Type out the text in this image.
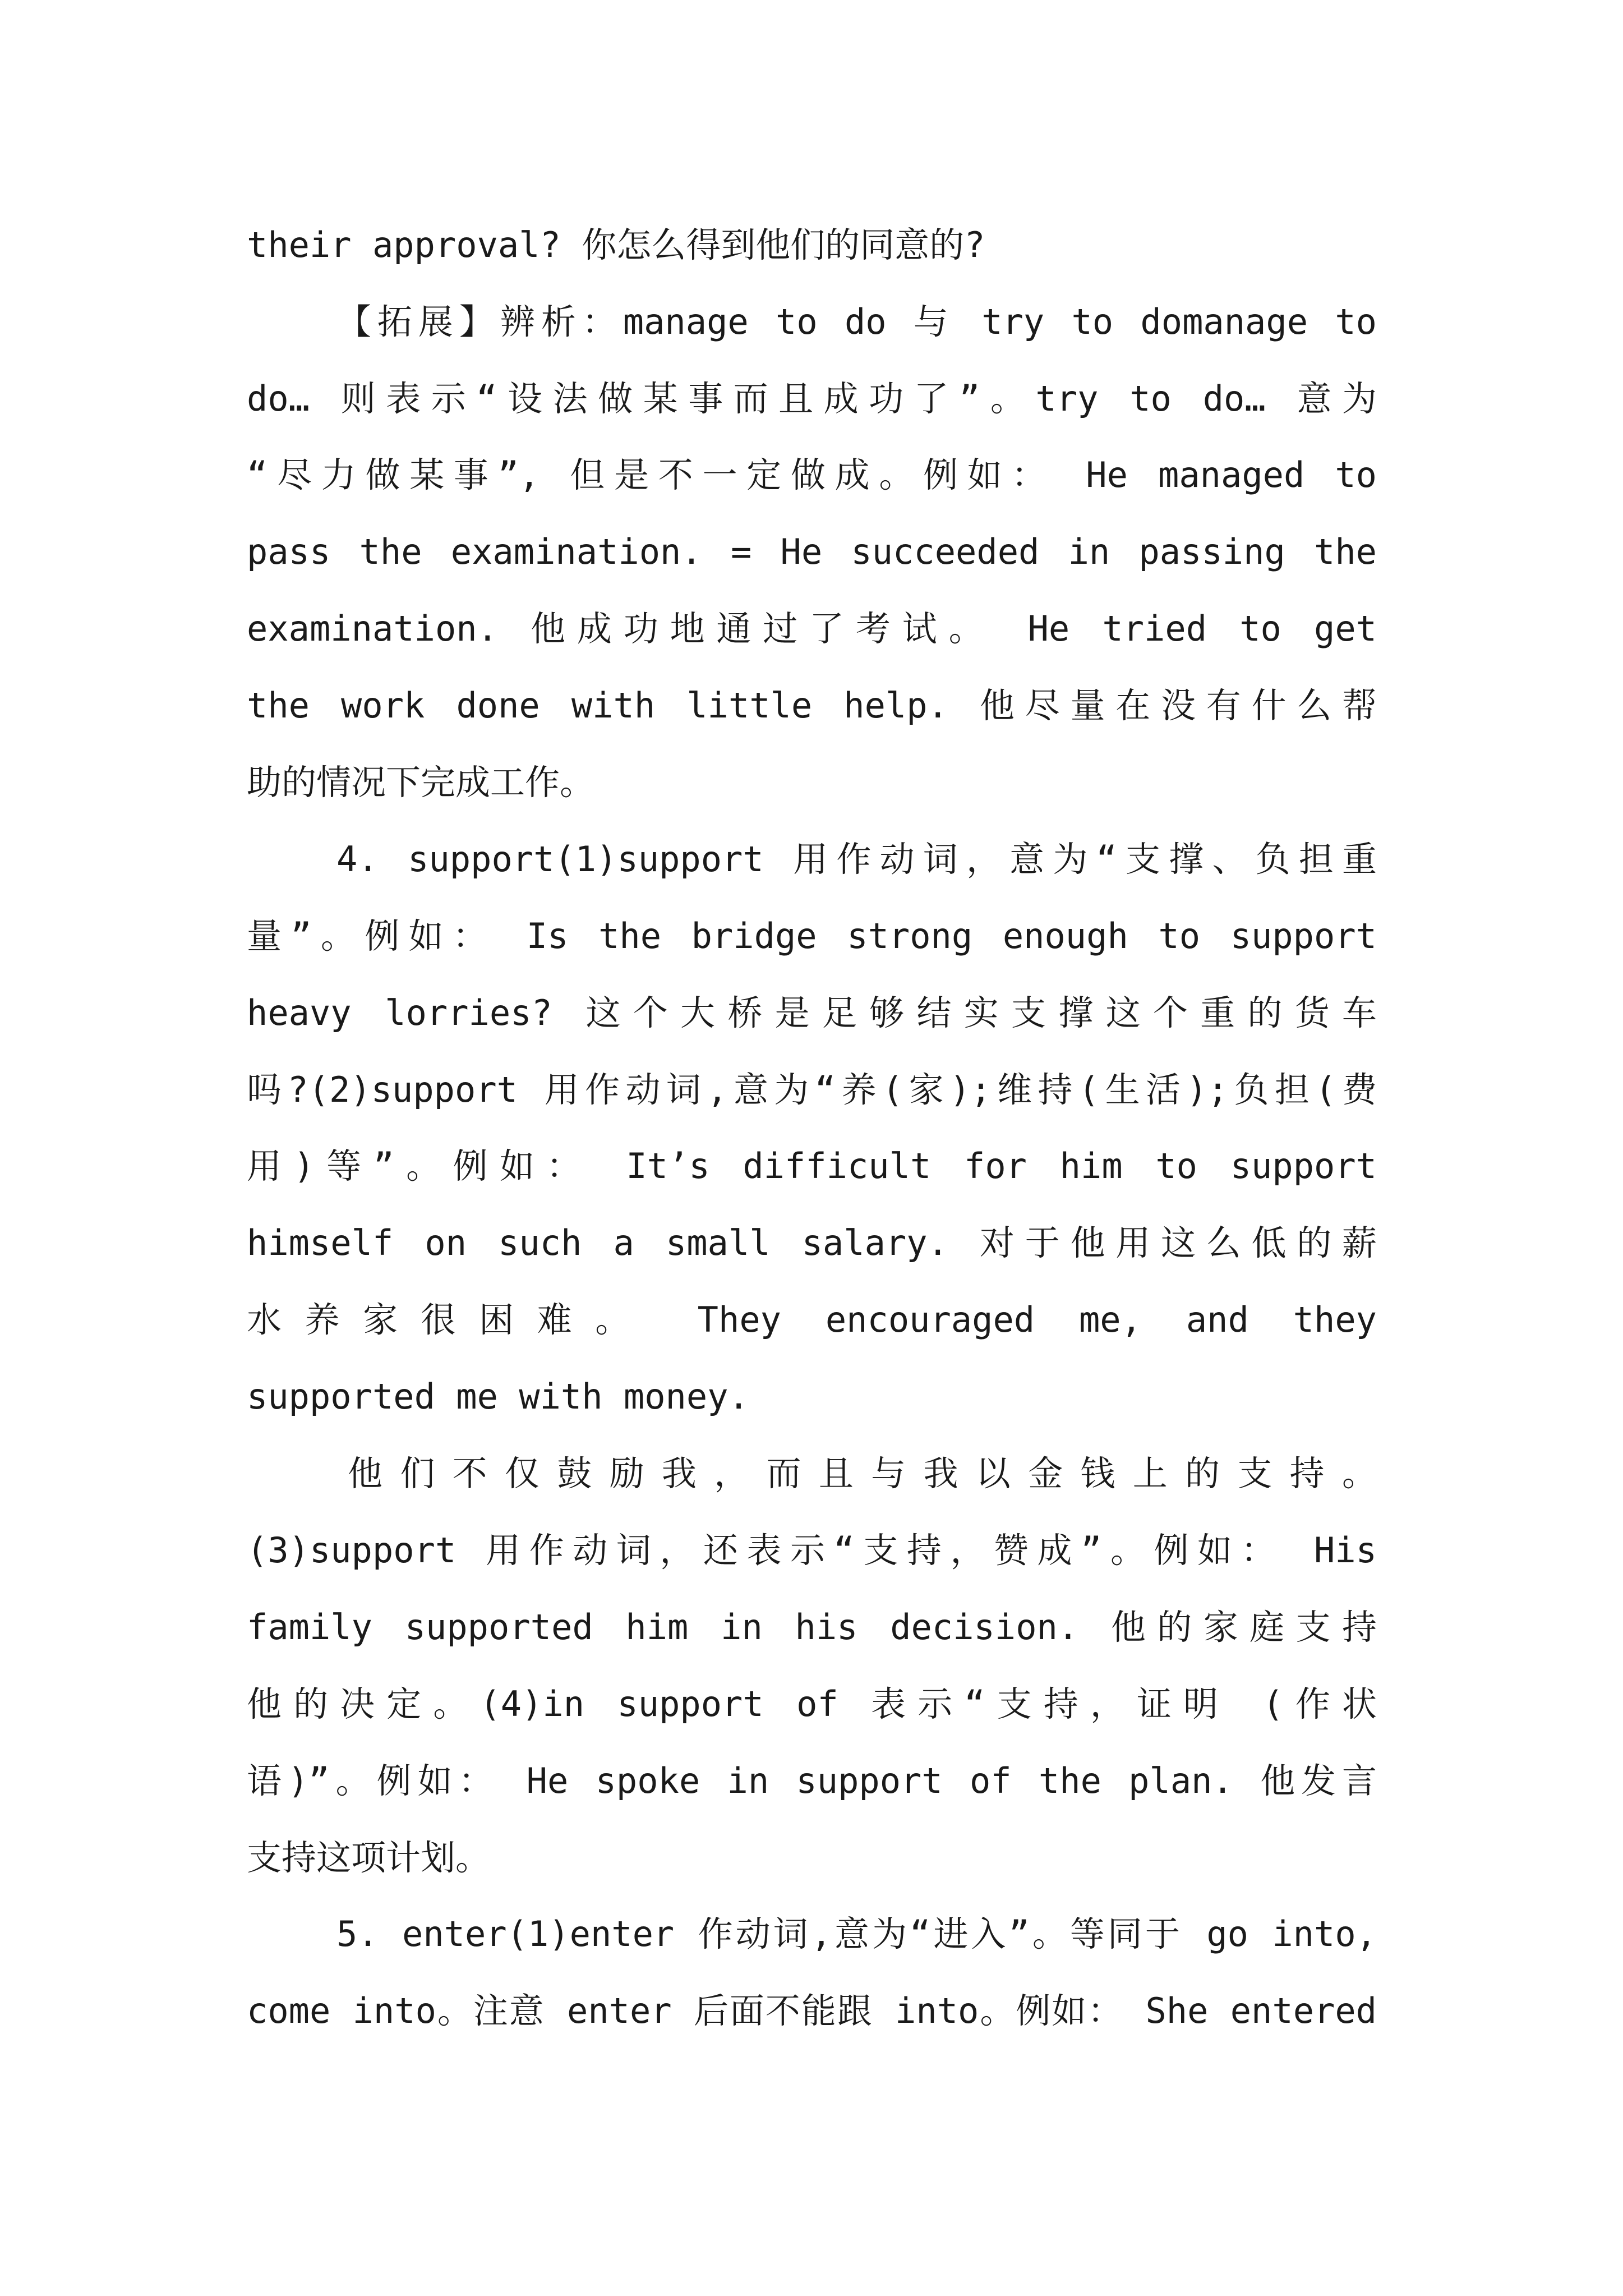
their approval? 你怎么得到他们的同意的?
【拓展】辨析：manage to do 与 try to domanage to
do… 则表示“设法做某事而且成功了”。try to do… 意为
“尽力做某事”, 但是不一定做成。例如： He managed to
pass the examination. = He succeeded in passing the
examination. 他成功地通过了考试。 He tried to get
the work done with little help. 他尽量在没有什么帮
助的情况下完成工作。
4. support(1)support 用作动词，意为“支撑、负担重
量”。例如： Is the bridge strong enough to support
heavy lorries? 这个大桥是足够结实支撑这个重的货车
吗?(2)support 用作动词,意为“养(家);维持(生活);负担(费
用)等”。例如： It’s difficult for him to support
himself on such a small salary. 对于他用这么低的薪
水养家很困难。 They encouraged me, and they
supported me with money.
他们不仅鼓励我，而且与我以金钱上的支持。
(3)support 用作动词，还表示“支持，赞成”。例如： His
family supported him in his decision. 他的家庭支持
他的决定。(4)in support of 表示“支持，证明 (作状
语)”。例如： He spoke in support of the plan. 他发言
支持这项计划。
5. enter(1)enter 作动词,意为“进入”。等同于 go into,
come into。注意 enter 后面不能跟 into。例如： She entered
